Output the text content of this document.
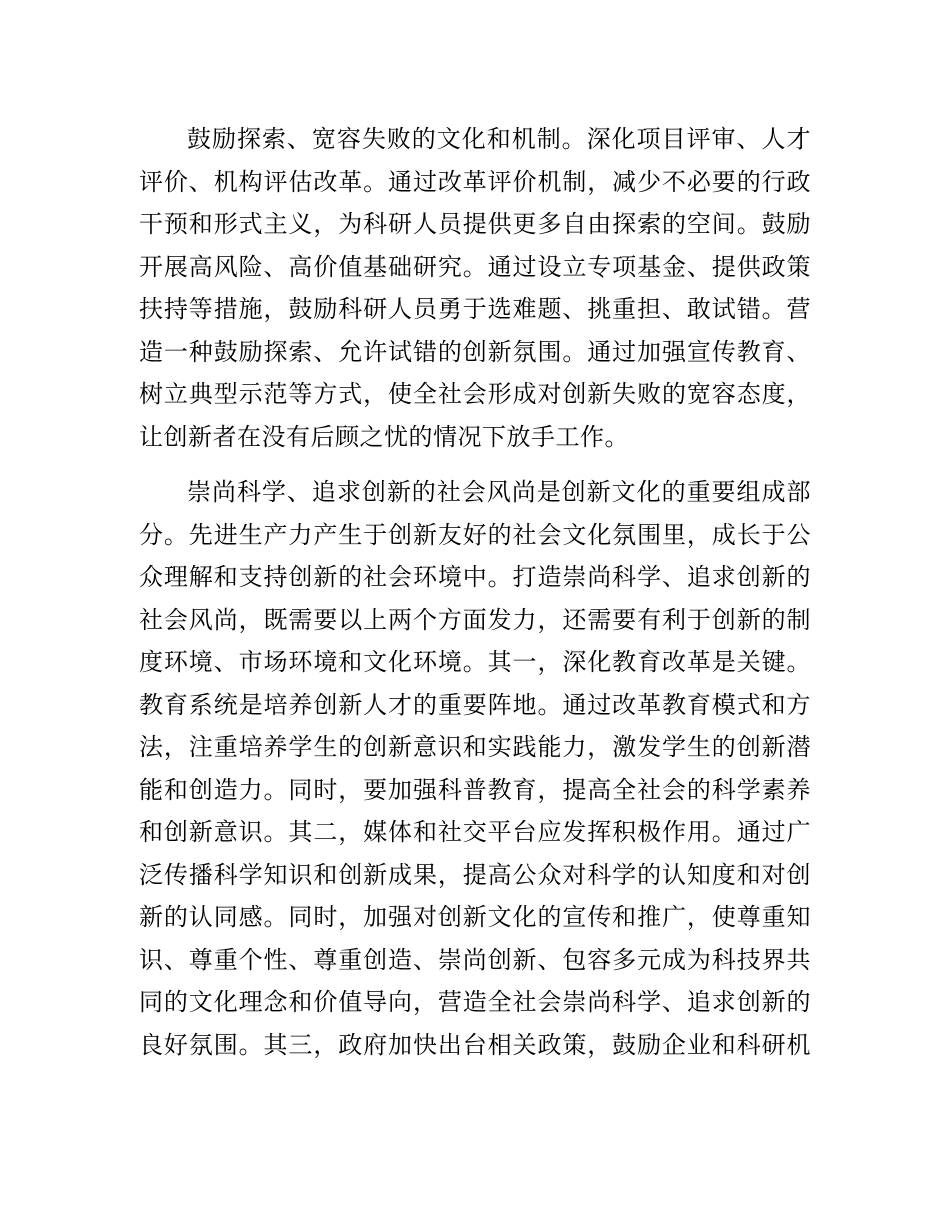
鼓励探索、宽容失败的文化和机制。深化项目评审、人才
评价、机构评估改革。通过改革评价机制，减少不必要的行政
干预和形式主义，为科研人员提供更多自由探索的空间。鼓励
开展高风险、高价值基础研究。通过设立专项基金、提供政策
扶持等措施，鼓励科研人员勇于选难题、挑重担、敢试错。营
造一种鼓励探索、允许试错的创新氛围。通过加强宣传教育、
树立典型示范等方式，使全社会形成对创新失败的宽容态度，
让创新者在没有后顾之忧的情况下放手工作。
崇尚科学、追求创新的社会风尚是创新文化的重要组成部
分。先进生产力产生于创新友好的社会文化氛围里，成长于公
众理解和支持创新的社会环境中。打造崇尚科学、追求创新的
社会风尚，既需要以上两个方面发力，还需要有利于创新的制
度环境、市场环境和文化环境。其一，深化教育改革是关键。
教育系统是培养创新人才的重要阵地。通过改革教育模式和方
法，注重培养学生的创新意识和实践能力，激发学生的创新潜
能和创造力。同时，要加强科普教育，提高全社会的科学素养
和创新意识。其二，媒体和社交平台应发挥积极作用。通过广
泛传播科学知识和创新成果，提高公众对科学的认知度和对创
新的认同感。同时，加强对创新文化的宣传和推广，使尊重知
识、尊重个性、尊重创造、崇尚创新、包容多元成为科技界共
同的文化理念和价值导向，营造全社会崇尚科学、追求创新的
良好氛围。其三，政府加快出台相关政策，鼓励企业和科研机
